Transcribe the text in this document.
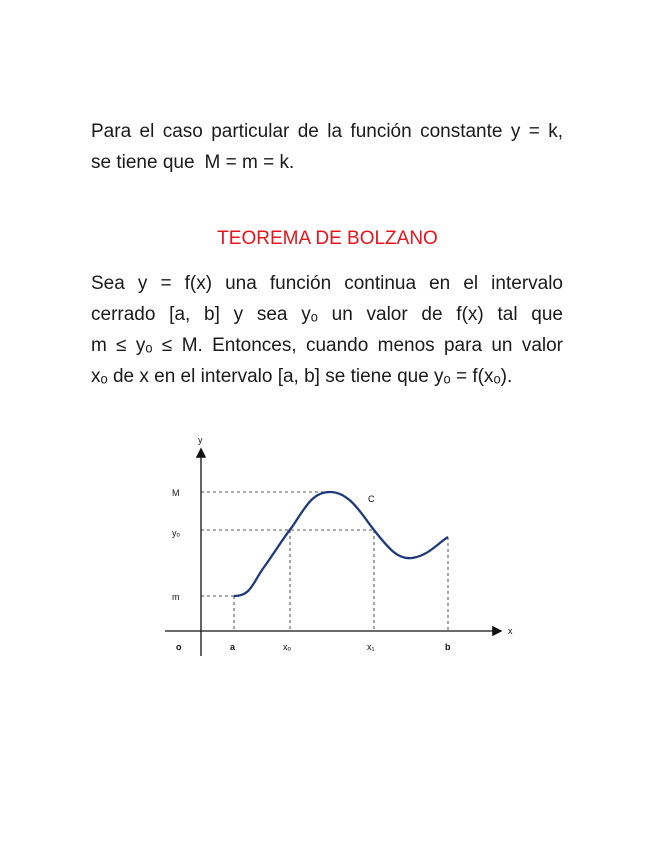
Para el caso particular de la función constante y = k,
se tiene que M = m = k.
TEOREMA DE BOLZANO
Sea y = f(x) una función continua en el intervalo
cerrado [a, b] y sea yₒ un valor de f(x) tal que
m ≤ yₒ ≤ M. Entonces, cuando menos para un valor
xₒ de x en el intervalo [a, b] se tiene que yₒ = f(xₒ).
y
x
o
M
yₒ
m
a	xₒ	x₁	b
C
